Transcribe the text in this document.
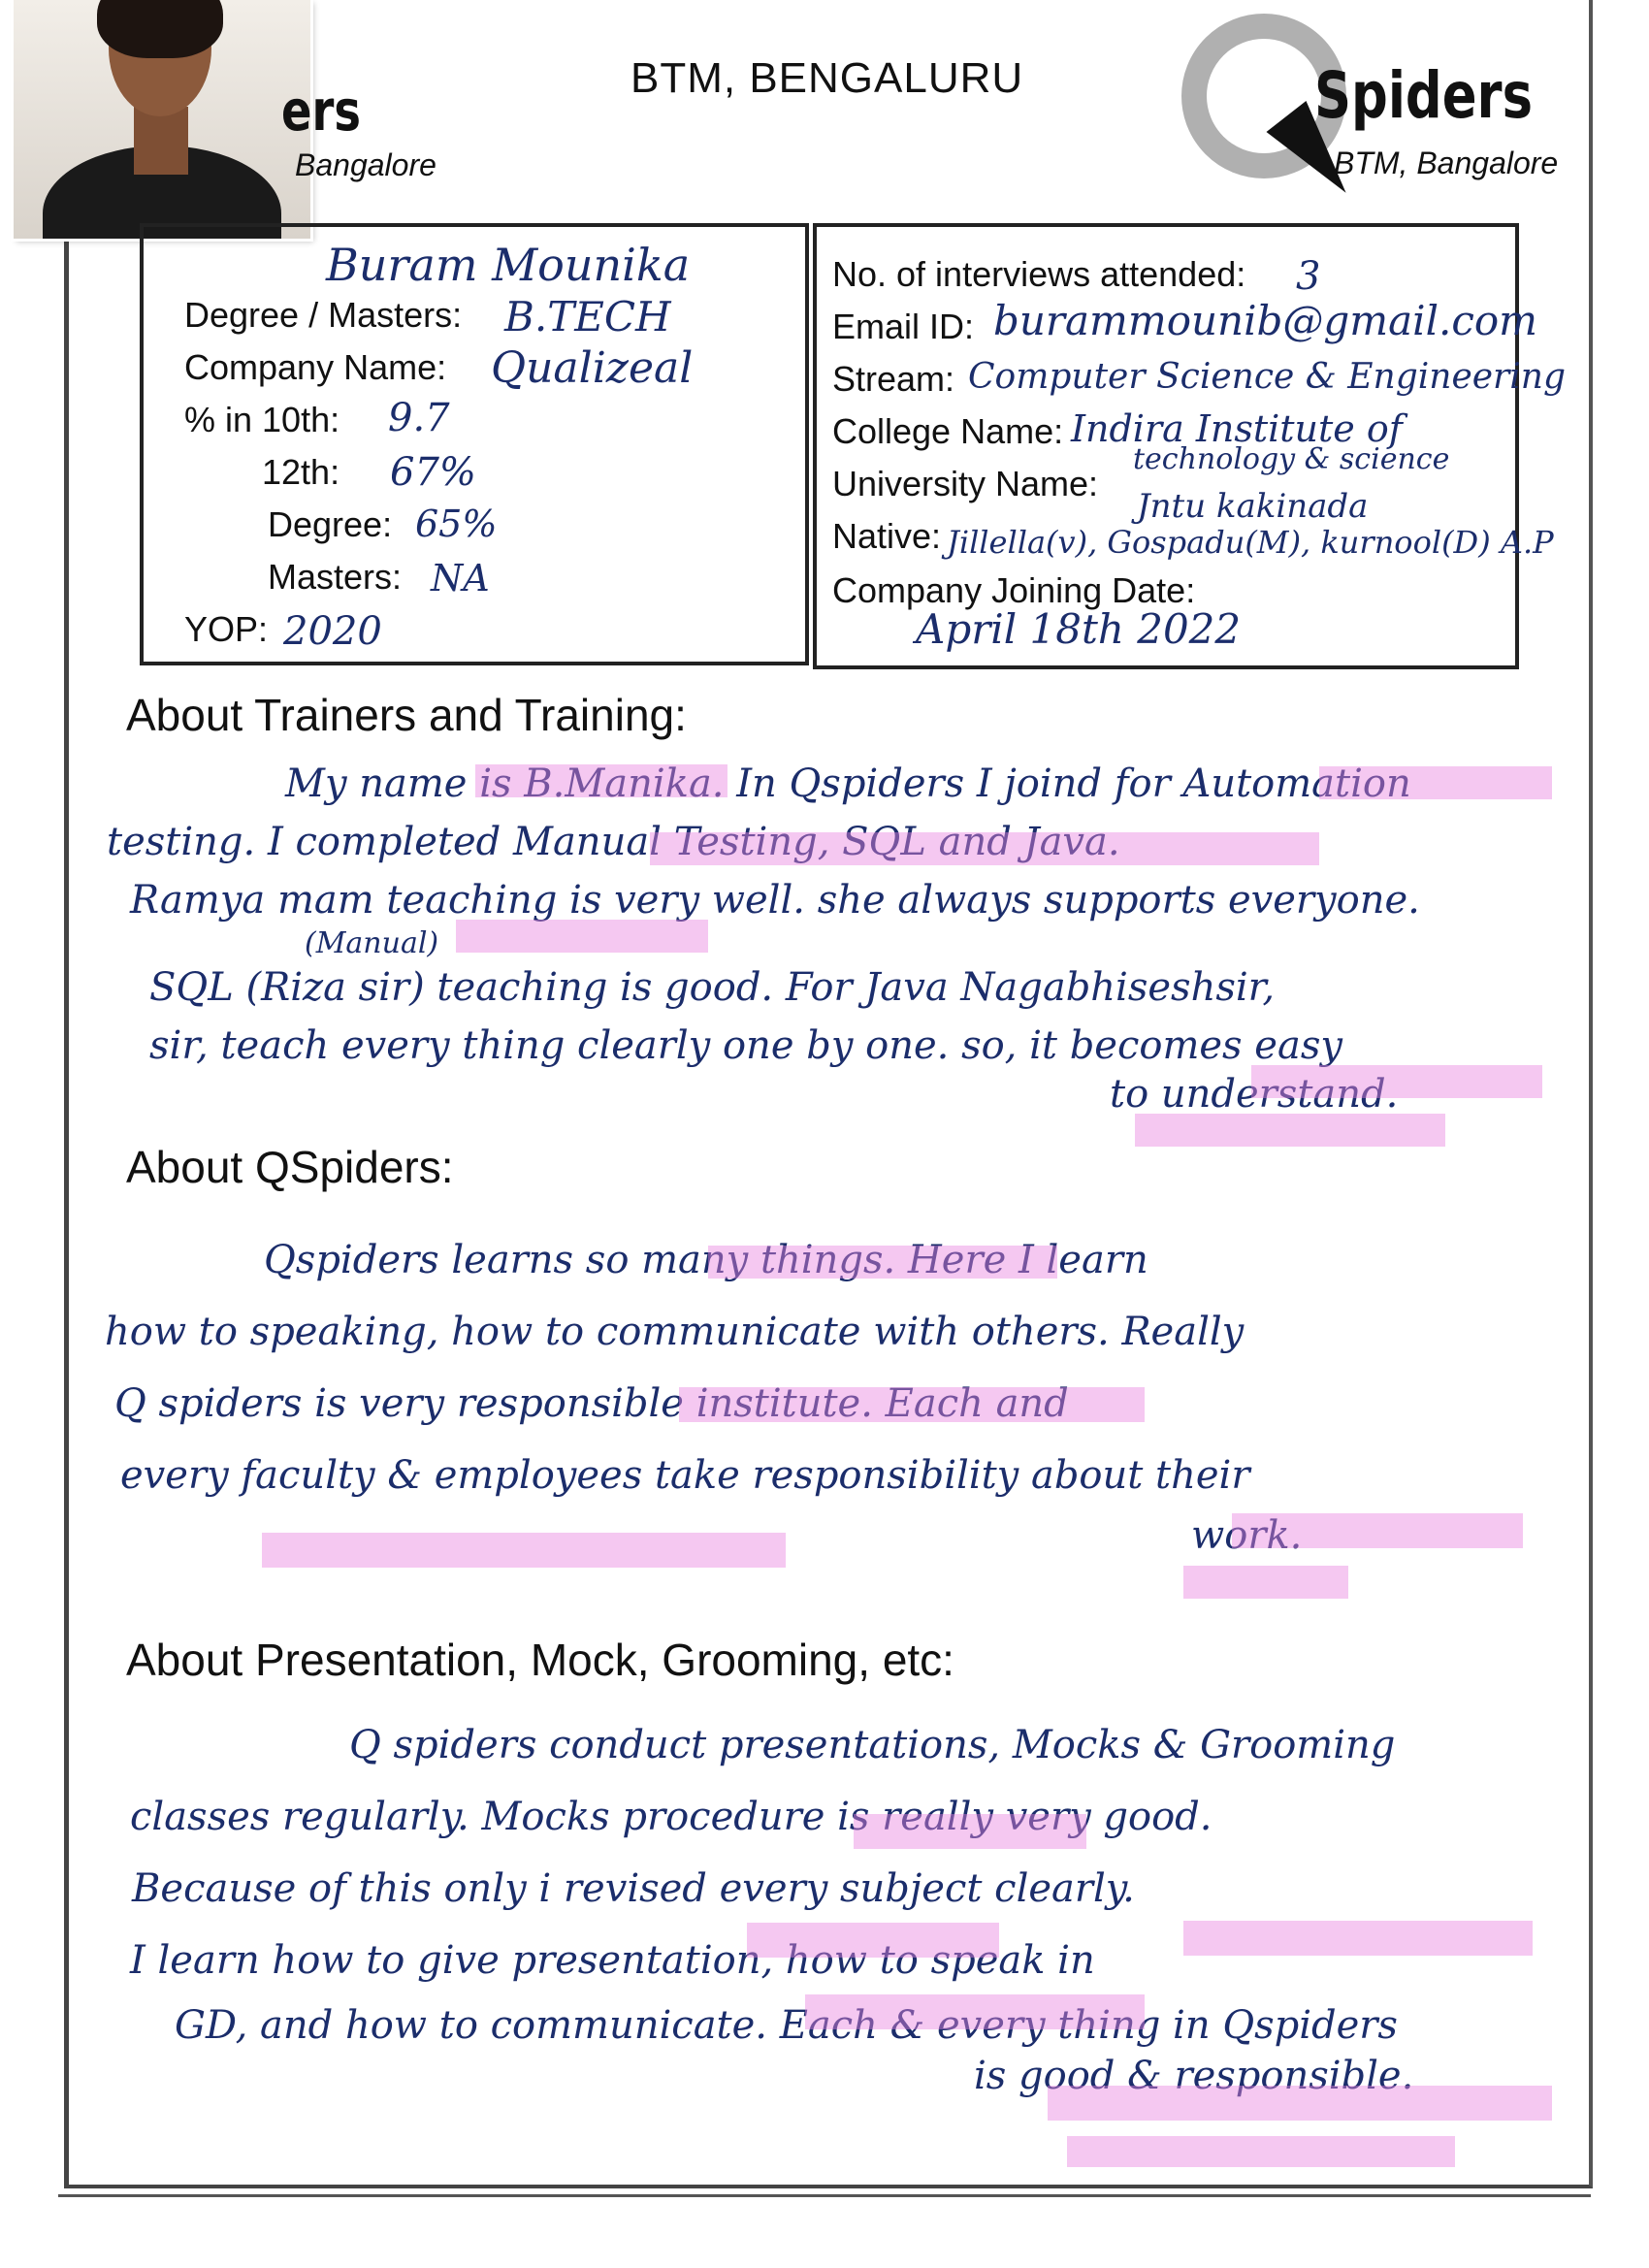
ers
Bangalore
BTM, BENGALURU	Spiders
BTM, Bangalore
Name: Buram Mounika
Degree / Masters: B.TECH
Company Name: Qualizeal
% in 10th: 9.7
12th: 67%
Degree: 65%
Masters: NA
YOP: 2020
No. of interviews attended: 3
Email ID: burammounib@gmail.com
Stream: Computer Science & Engineering
College Name: Indira Institute of
technology & science
University Name:
Jntu kakinada
Native: Jillella(v), Gospadu(M), kurnool(D) A.P
Company Joining Date:
April 18th 2022
About Trainers and Training:
My name is B.Manika. In Qspiders I joind for Automation
testing. I completed Manual Testing, SQL and Java.
Ramya mam teaching is very well. she always supports everyone.
(Manual)
SQL (Riza sir) teaching is good. For Java Nagabhiseshsir,
sir, teach every thing clearly one by one. so, it becomes easy
to understand.
About QSpiders:
Qspiders learns so many things. Here I learn
how to speaking, how to communicate with others. Really
Q spiders is very responsible institute. Each and
every faculty & employees take responsibility about their
work.
About Presentation, Mock, Grooming, etc:
Q spiders conduct presentations, Mocks & Grooming
classes regularly. Mocks procedure is really very good.
Because of this only i revised every subject clearly.
I learn how to give presentation, how to speak in
GD, and how to communicate. Each & every thing in Qspiders
is good & responsible.
